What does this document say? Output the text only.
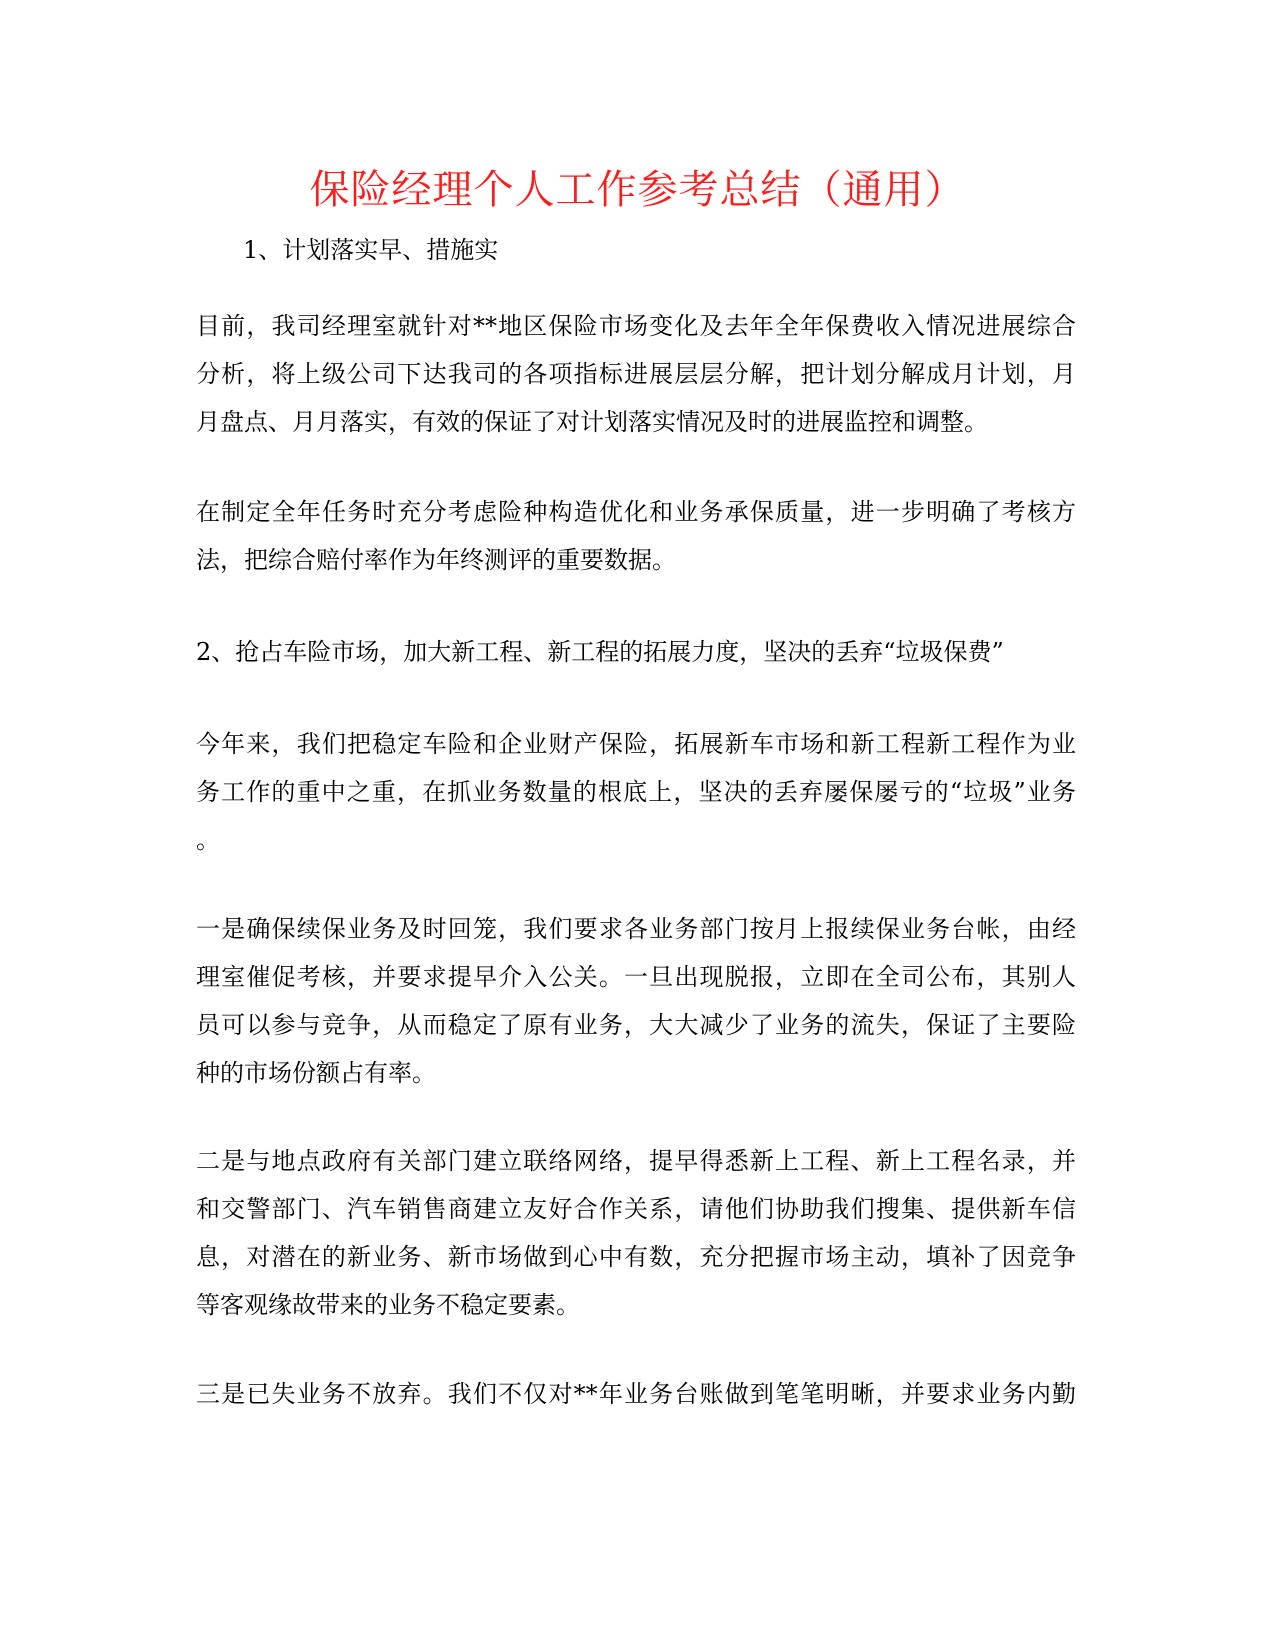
保险经理个人工作参考总结（通用）

1、计划落实早、措施实

目前，我司经理室就针对**地区保险市场变化及去年全年保费收入情况进展综合
分析，将上级公司下达我司的各项指标进展层层分解，把计划分解成月计划，月
月盘点、月月落实，有效的保证了对计划落实情况及时的进展监控和调整。

在制定全年任务时充分考虑险种构造优化和业务承保质量，进一步明确了考核方
法，把综合赔付率作为年终测评的重要数据。

2、抢占车险市场，加大新工程、新工程的拓展力度，坚决的丢弃“垃圾保费”

今年来，我们把稳定车险和企业财产保险，拓展新车市场和新工程新工程作为业
务工作的重中之重，在抓业务数量的根底上，坚决的丢弃屡保屡亏的“垃圾”业务
。

一是确保续保业务及时回笼，我们要求各业务部门按月上报续保业务台帐，由经
理室催促考核，并要求提早介入公关。一旦出现脱报，立即在全司公布，其别人
员可以参与竞争，从而稳定了原有业务，大大减少了业务的流失，保证了主要险
种的市场份额占有率。

二是与地点政府有关部门建立联络网络，提早得悉新上工程、新上工程名录，并
和交警部门、汽车销售商建立友好合作关系，请他们协助我们搜集、提供新车信
息，对潜在的新业务、新市场做到心中有数，充分把握市场主动，填补了因竞争
等客观缘故带来的业务不稳定要素。

三是已失业务不放弃。我们不仅对**年业务台账做到笔笔明晰，并要求业务内勤
